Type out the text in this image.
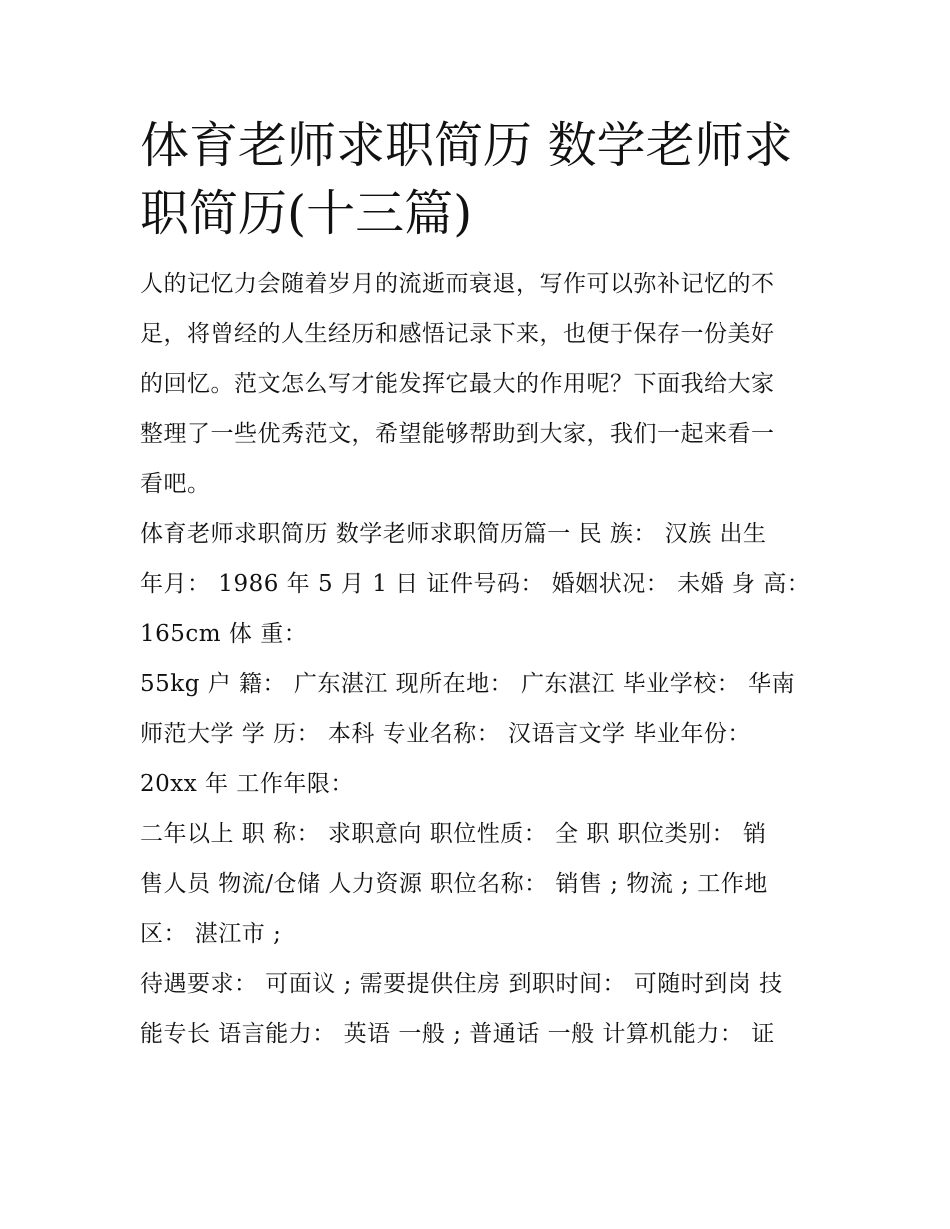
体育老师求职简历 数学老师求
职简历(十三篇)
人的记忆力会随着岁月的流逝而衰退，写作可以弥补记忆的不
足，将曾经的人生经历和感悟记录下来，也便于保存一份美好
的回忆。范文怎么写才能发挥它最大的作用呢？下面我给大家
整理了一些优秀范文，希望能够帮助到大家，我们一起来看一
看吧。
体育老师求职简历 数学老师求职简历篇一 民 族： 汉族 出生
年月： 1986 年 5 月 1 日 证件号码： 婚姻状况： 未婚 身 高：
165cm 体 重：
55kg 户 籍： 广东湛江 现所在地： 广东湛江 毕业学校： 华南
师范大学 学 历： 本科 专业名称： 汉语言文学 毕业年份：
20xx 年 工作年限：
二年以上 职 称： 求职意向 职位性质： 全 职 职位类别： 销
售人员 物流/仓储 人力资源 职位名称： 销售 ; 物流 ; 工作地
区： 湛江市 ;
待遇要求： 可面议 ; 需要提供住房 到职时间： 可随时到岗 技
能专长 语言能力： 英语 一般 ; 普通话 一般 计算机能力： 证
